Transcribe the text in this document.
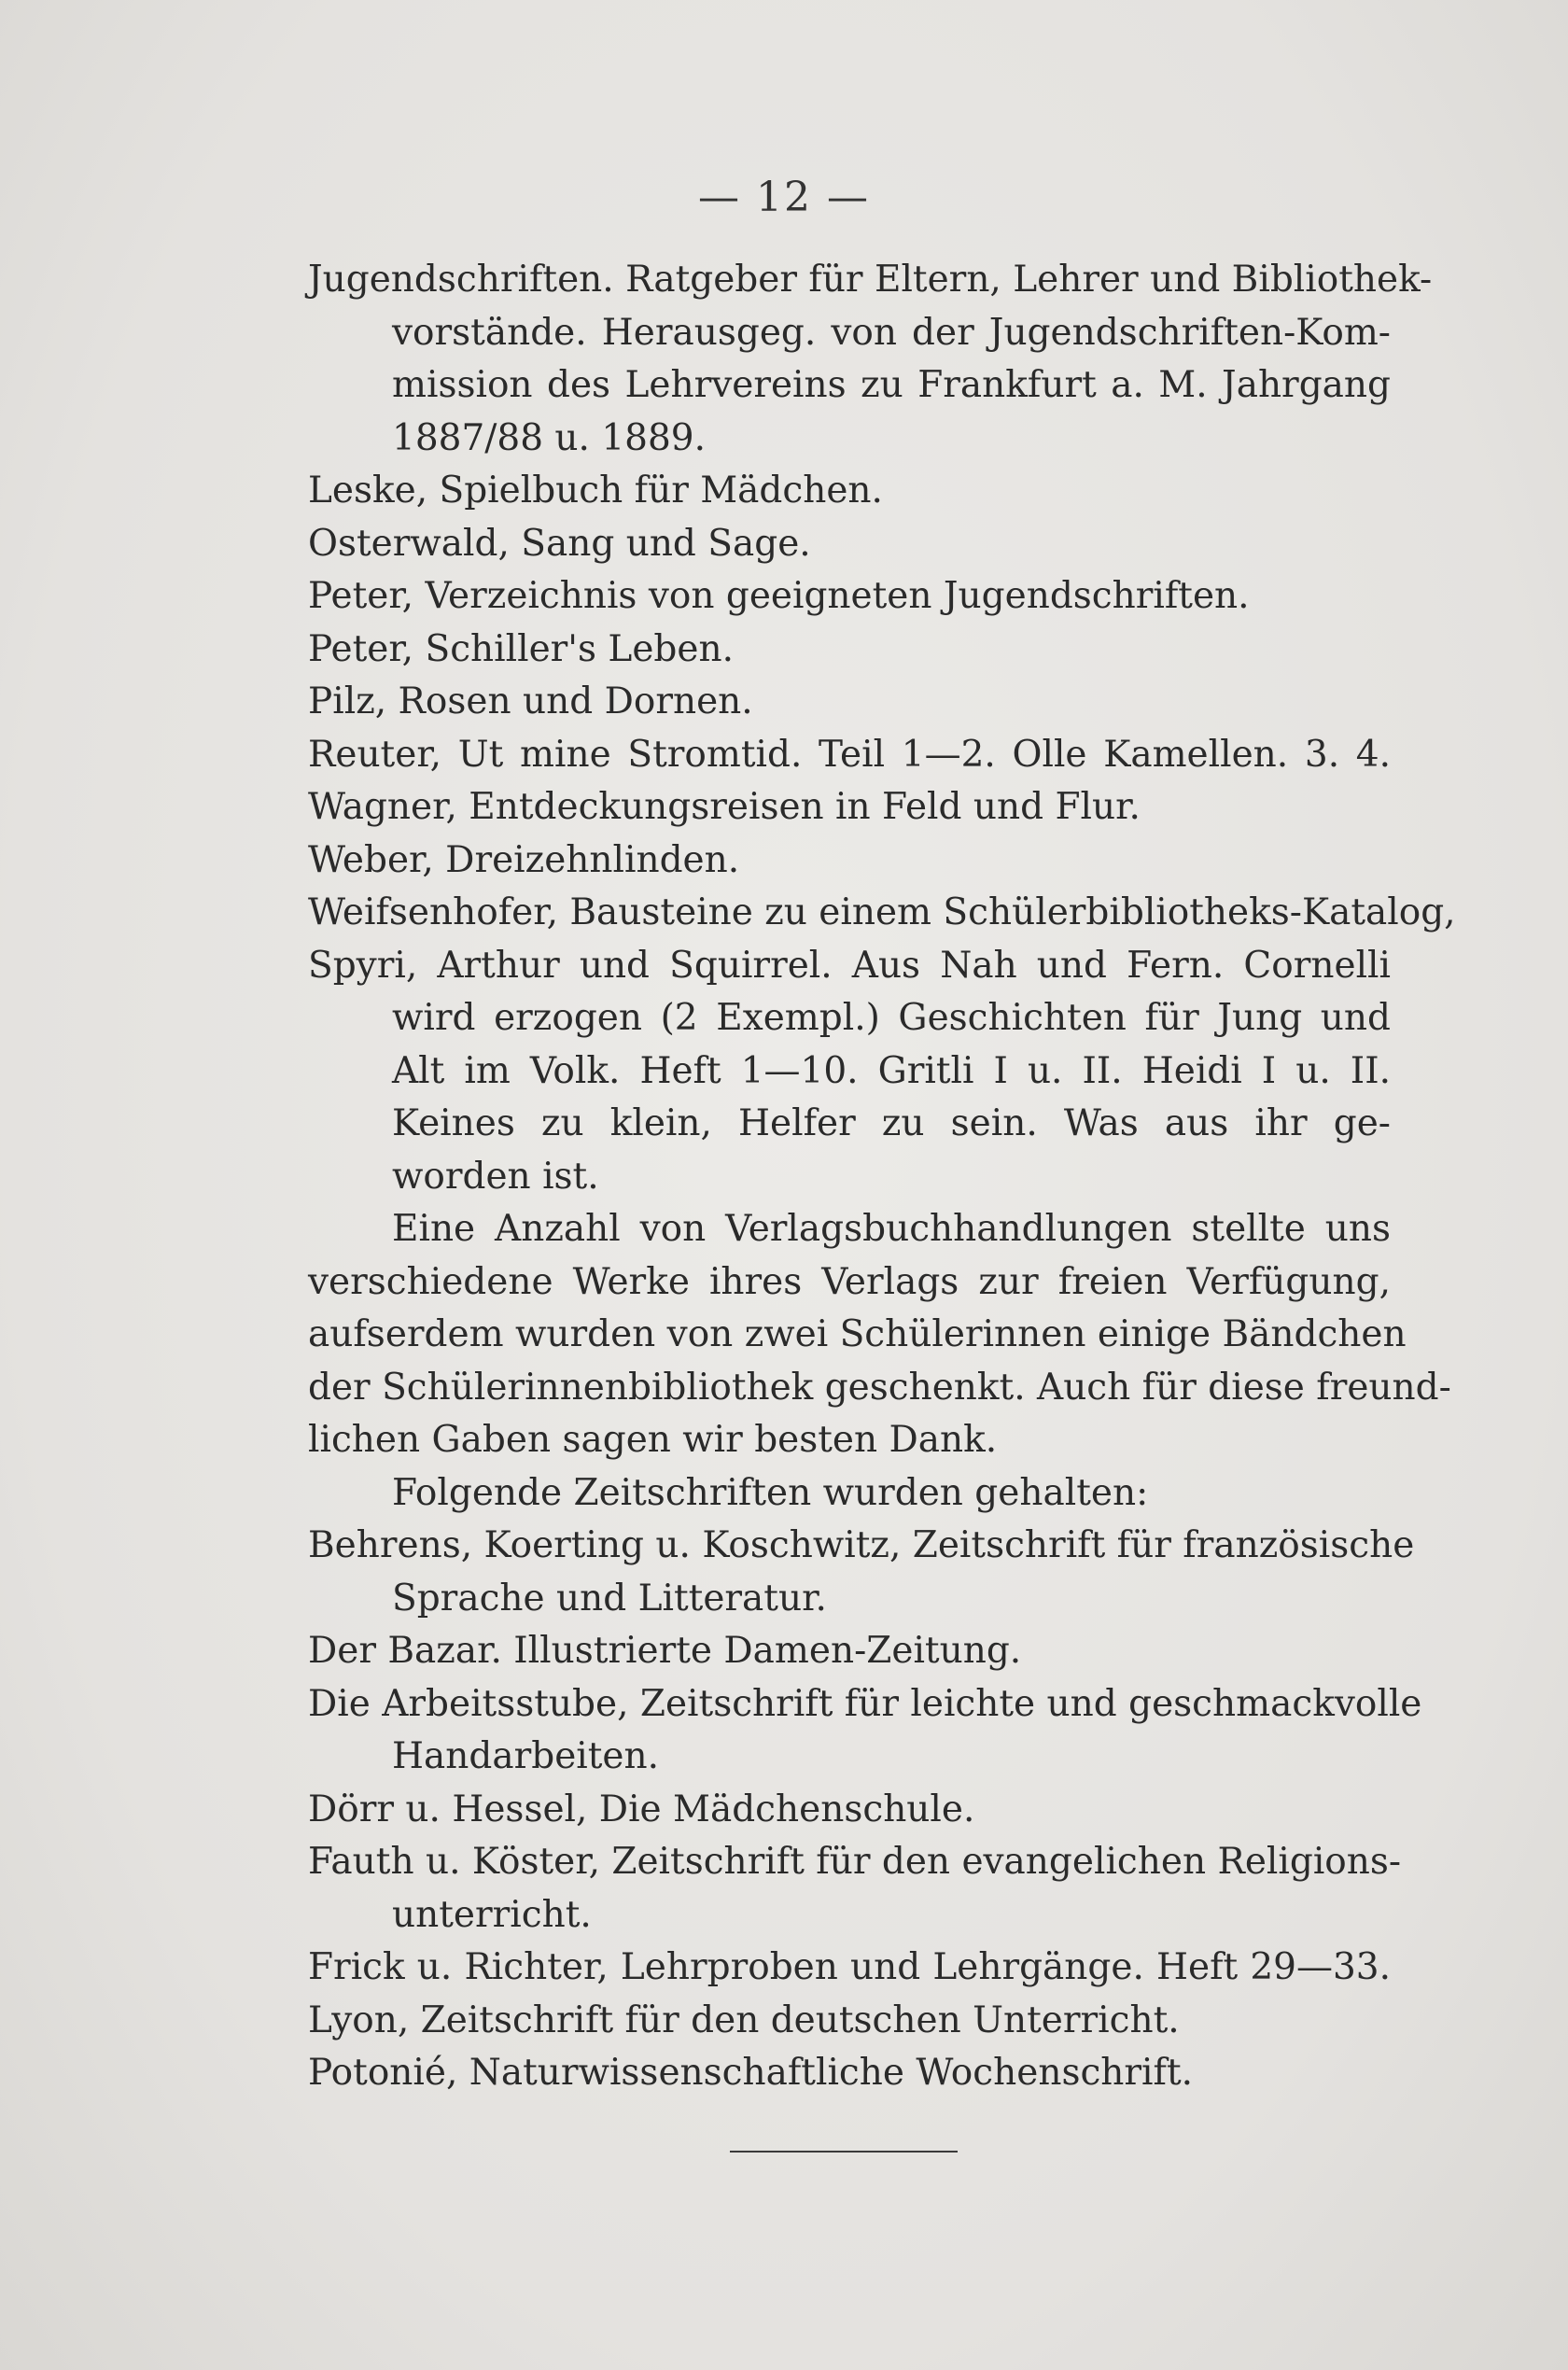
— 12 —
Jugendschriften. Ratgeber für Eltern, Lehrer und Bibliothek-
vorstände. Herausgeg. von der Jugendschriften-Kom-
mission des Lehrvereins zu Frankfurt a. M. Jahrgang
1887/88 u. 1889.
Leske, Spielbuch für Mädchen.
Osterwald, Sang und Sage.
Peter, Verzeichnis von geeigneten Jugendschriften.
Peter, Schiller's Leben.
Pilz, Rosen und Dornen.
Reuter, Ut mine Stromtid. Teil 1—2. Olle Kamellen. 3. 4.
Wagner, Entdeckungsreisen in Feld und Flur.
Weber, Dreizehnlinden.
Weifsenhofer, Bausteine zu einem Schülerbibliotheks-Katalog,
Spyri, Arthur und Squirrel. Aus Nah und Fern. Cornelli
wird erzogen (2 Exempl.) Geschichten für Jung und
Alt im Volk. Heft 1—10. Gritli I u. II. Heidi I u. II.
Keines zu klein, Helfer zu sein. Was aus ihr ge-
worden ist.
Eine Anzahl von Verlagsbuchhandlungen stellte uns
verschiedene Werke ihres Verlags zur freien Verfügung,
aufserdem wurden von zwei Schülerinnen einige Bändchen
der Schülerinnenbibliothek geschenkt. Auch für diese freund-
lichen Gaben sagen wir besten Dank.
Folgende Zeitschriften wurden gehalten:
Behrens, Koerting u. Koschwitz, Zeitschrift für französische
Sprache und Litteratur.
Der Bazar. Illustrierte Damen-Zeitung.
Die Arbeitsstube, Zeitschrift für leichte und geschmackvolle
Handarbeiten.
Dörr u. Hessel, Die Mädchenschule.
Fauth u. Köster, Zeitschrift für den evangelichen Religions-
unterricht.
Frick u. Richter, Lehrproben und Lehrgänge. Heft 29—33.
Lyon, Zeitschrift für den deutschen Unterricht.
Potonié, Naturwissenschaftliche Wochenschrift.
